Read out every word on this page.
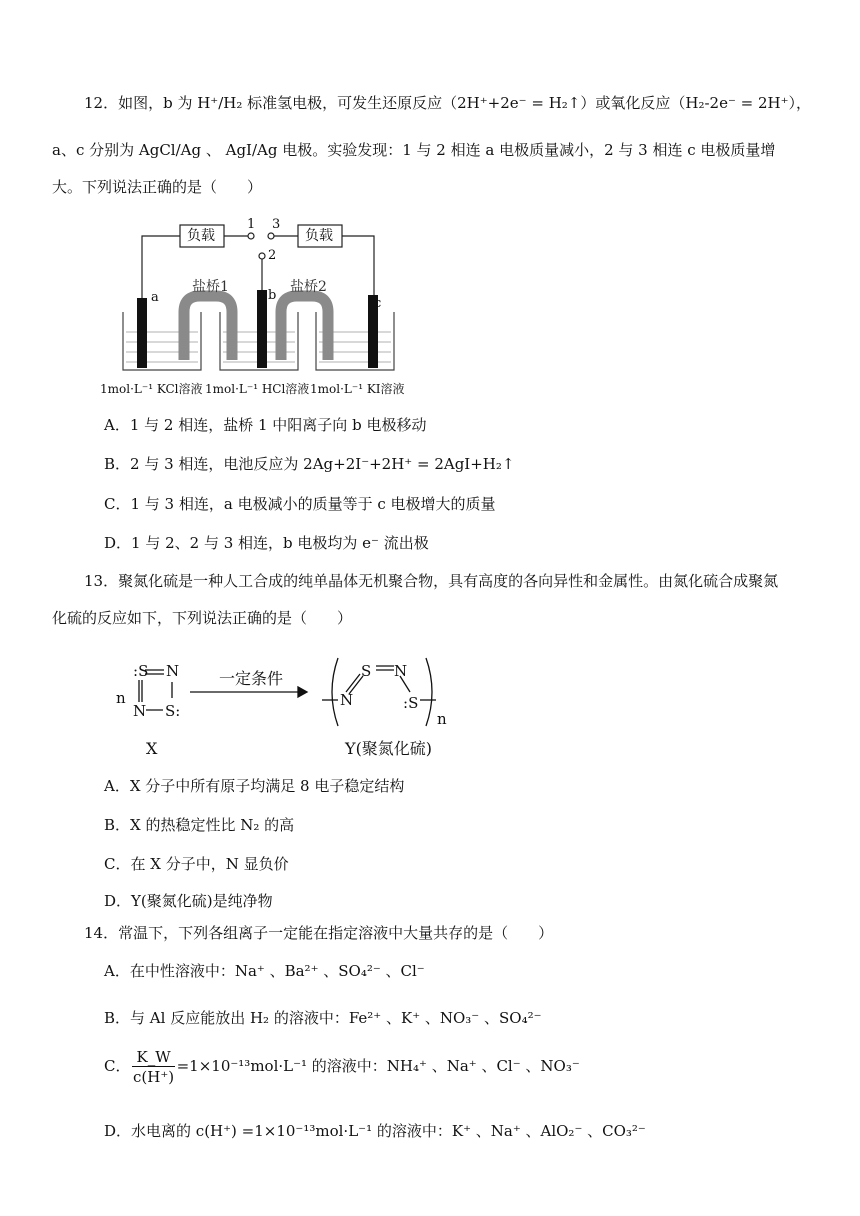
12．如图，b 为 H⁺/H₂ 标准氢电极，可发生还原反应（2H⁺+2e⁻ = H₂↑）或氧化反应（H₂-2e⁻ = 2H⁺），
a、c 分别为 AgCl/Ag 、 AgI/Ag 电极。实验发现：1 与 2 相连 a 电极质量减小，2 与 3 相连 c 电极质量增
大。下列说法正确的是（　　）
负载	负载
1 3
2
a	b
c
盐桥1	盐桥2
1mol·L⁻¹ KCl溶液 1mol·L⁻¹ HCl溶液 1mol·L⁻¹ KI溶液
A．1 与 2 相连，盐桥 1 中阳离子向 b 电极移动
B．2 与 3 相连，电池反应为 2Ag+2I⁻+2H⁺ = 2AgI+H₂↑
C．1 与 3 相连，a 电极减小的质量等于 c 电极增大的质量
D．1 与 2、2 与 3 相连，b 电极均为 e⁻ 流出极
13．聚氮化硫是一种人工合成的纯单晶体无机聚合物，具有高度的各向异性和金属性。由氮化硫合成聚氮
化硫的反应如下，下列说法正确的是（　　）
n
:S N
N S:
一定条件
N
S N
:S
n
X	Y(聚氮化硫)
A．X 分子中所有原子均满足 8 电子稳定结构
B．X 的热稳定性比 N₂ 的高
C．在 X 分子中，N 显负价
D．Y(聚氮化硫)是纯净物
14．常温下，下列各组离子一定能在指定溶液中大量共存的是（　　）
A．在中性溶液中：Na⁺ 、Ba²⁺ 、SO₄²⁻ 、Cl⁻
B．与 Al 反应能放出 H₂ 的溶液中：Fe²⁺ 、K⁺ 、NO₃⁻ 、SO₄²⁻
C． $\frac{K\_W}{c(H^+)} =1\times 10^{-13}mol\cdot L^{-1}$ 的溶液中：NH₄⁺ 、Na⁺ 、Cl⁻ 、NO₃⁻
D．水电离的 c(H⁺) =1×10⁻¹³mol·L⁻¹ 的溶液中：K⁺ 、Na⁺ 、AlO₂⁻ 、CO₃²⁻
